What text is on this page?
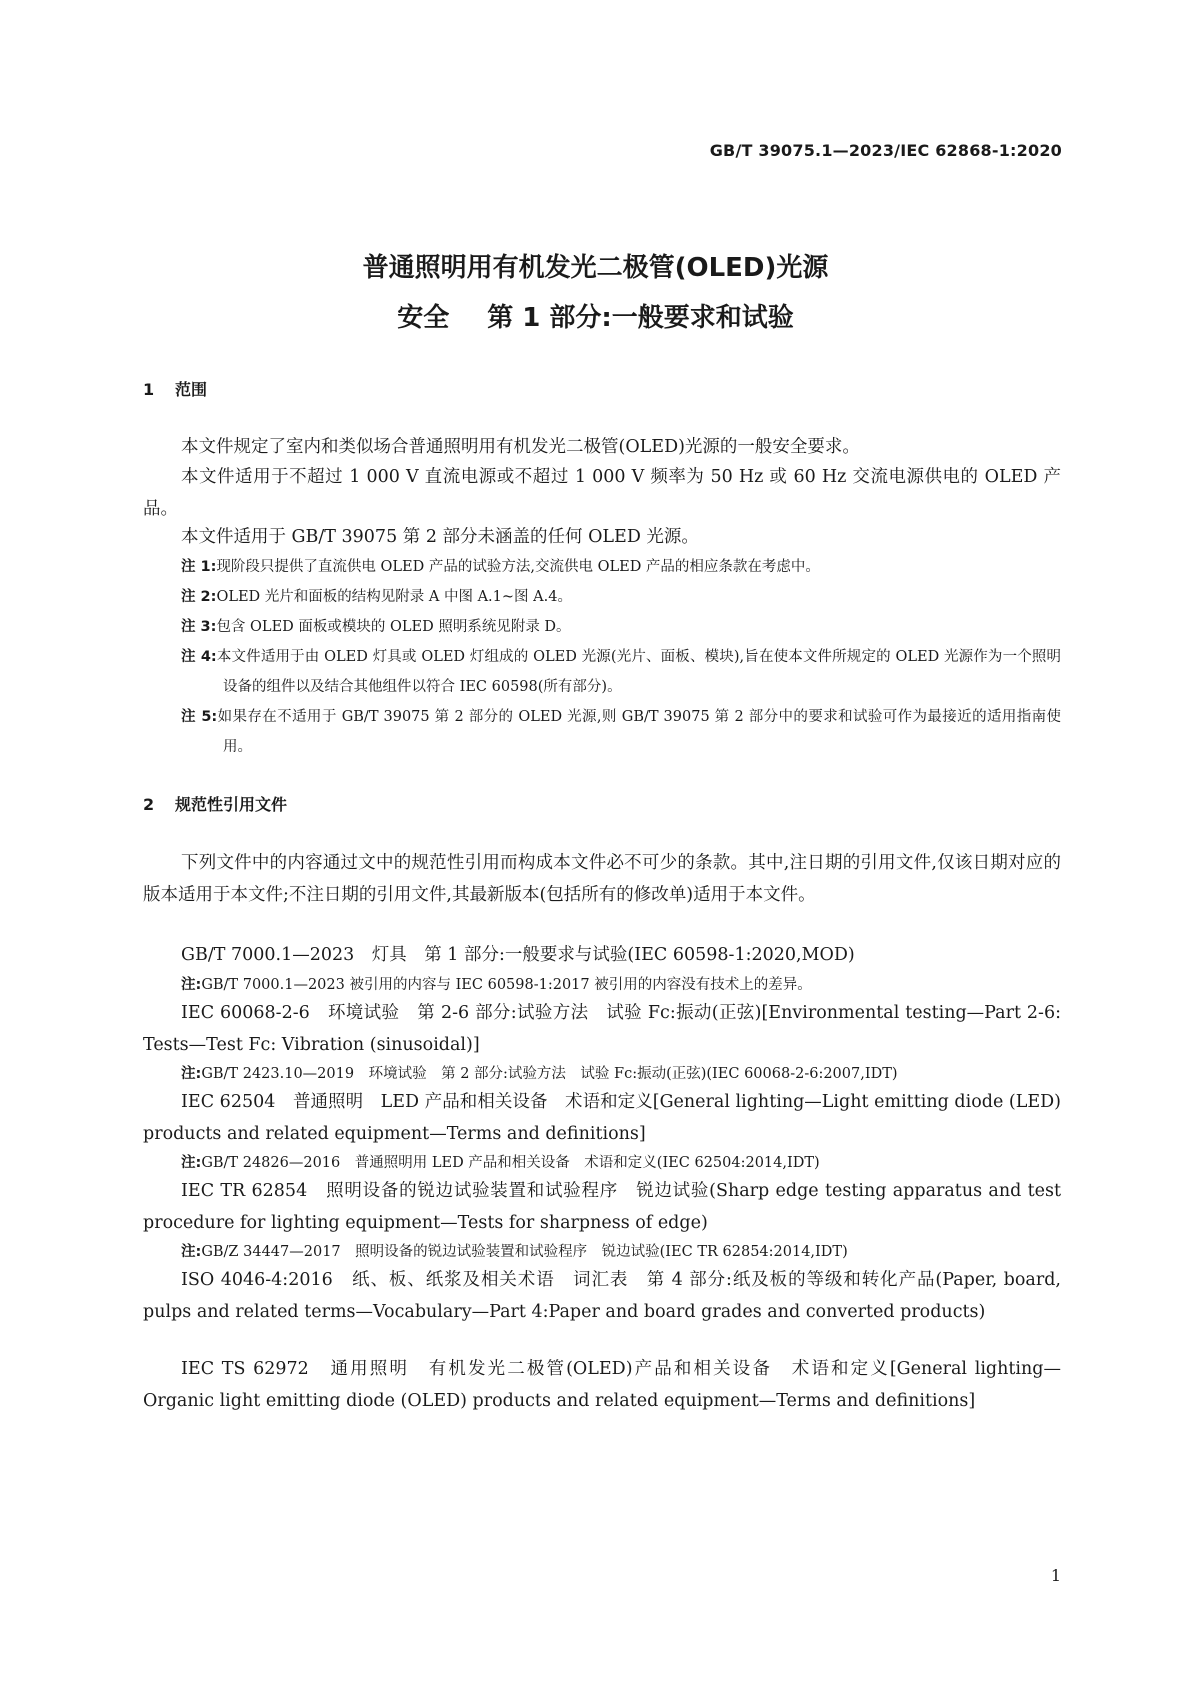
GB/T 39075.1—2023/IEC 62868-1:2020
普通照明用有机发光二极管(OLED)光源
安全 第 1 部分:一般要求和试验
1 范围
本文件规定了室内和类似场合普通照明用有机发光二极管(OLED)光源的一般安全要求。
本文件适用于不超过 1 000 V 直流电源或不超过 1 000 V 频率为 50 Hz 或 60 Hz 交流电源供电的 OLED 产品。
本文件适用于 GB/T 39075 第 2 部分未涵盖的任何 OLED 光源。
注 1:现阶段只提供了直流供电 OLED 产品的试验方法,交流供电 OLED 产品的相应条款在考虑中。
注 2:OLED 光片和面板的结构见附录 A 中图 A.1~图 A.4。
注 3:包含 OLED 面板或模块的 OLED 照明系统见附录 D。
注 4:本文件适用于由 OLED 灯具或 OLED 灯组成的 OLED 光源(光片、面板、模块),旨在使本文件所规定的 OLED 光源作为一个照明设备的组件以及结合其他组件以符合 IEC 60598(所有部分)。
注 5:如果存在不适用于 GB/T 39075 第 2 部分的 OLED 光源,则 GB/T 39075 第 2 部分中的要求和试验可作为最接近的适用指南使用。
2 规范性引用文件
下列文件中的内容通过文中的规范性引用而构成本文件必不可少的条款。其中,注日期的引用文件,仅该日期对应的版本适用于本文件;不注日期的引用文件,其最新版本(包括所有的修改单)适用于本文件。
GB/T 7000.1—2023　灯具　第 1 部分:一般要求与试验(IEC 60598-1:2020,MOD)
注:GB/T 7000.1—2023 被引用的内容与 IEC 60598-1:2017 被引用的内容没有技术上的差异。
IEC 60068-2-6　环境试验　第 2-6 部分:试验方法　试验 Fc:振动(正弦)[Environmental testing—Part 2-6: Tests—Test Fc: Vibration (sinusoidal)]
注:GB/T 2423.10—2019　环境试验　第 2 部分:试验方法　试验 Fc:振动(正弦)(IEC 60068-2-6:2007,IDT)
IEC 62504　普通照明　LED 产品和相关设备　术语和定义[General lighting—Light emitting diode (LED) products and related equipment—Terms and definitions]
注:GB/T 24826—2016　普通照明用 LED 产品和相关设备　术语和定义(IEC 62504:2014,IDT)
IEC TR 62854　照明设备的锐边试验装置和试验程序　锐边试验(Sharp edge testing apparatus and test procedure for lighting equipment—Tests for sharpness of edge)
注:GB/Z 34447—2017　照明设备的锐边试验装置和试验程序　锐边试验(IEC TR 62854:2014,IDT)
ISO 4046-4:2016　纸、板、纸浆及相关术语　词汇表　第 4 部分:纸及板的等级和转化产品(Paper, board, pulps and related terms—Vocabulary—Part 4:Paper and board grades and converted products)
IEC TS 62972　通用照明　有机发光二极管(OLED)产品和相关设备　术语和定义[General lighting—Organic light emitting diode (OLED) products and related equipment—Terms and definitions]
1
